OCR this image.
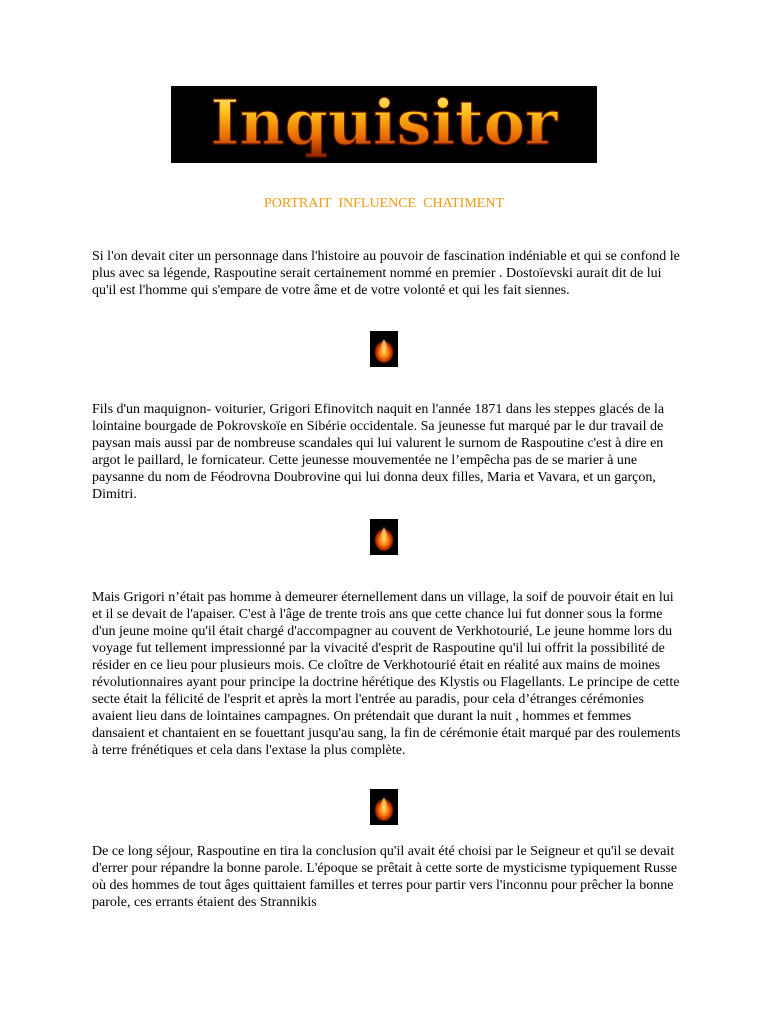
Inquisitor
PORTRAIT  INFLUENCE  CHATIMENT

Si l'on devait citer un personnage dans l'histoire au pouvoir de fascination indéniable et qui se confond le plus avec sa légende, Raspoutine serait certainement nommé en premier . Dostoïevski aurait dit de lui qu'il est l'homme qui s'empare de votre âme et de votre volonté et qui les fait siennes.

Fils d'un maquignon- voiturier, Grigori Efinovitch naquit en l'année 1871 dans les steppes glacés de la lointaine bourgade de Pokrovskoïe en Sibérie occidentale. Sa jeunesse fut marqué par le dur travail de paysan mais aussi par de nombreuse scandales qui lui valurent le surnom de Raspoutine c'est à dire en argot le paillard, le fornicateur. Cette jeunesse mouvementée ne l’empêcha pas de se marier à une paysanne du nom de Féodrovna Doubrovine qui lui donna deux filles, Maria et Vavara, et un garçon, Dimitri.

Mais Grigori n’était pas homme à demeurer éternellement dans un village, la soif de pouvoir était en lui et il se devait de l'apaiser. C'est à l'âge de trente trois ans que cette chance lui fut donner sous la forme d'un jeune moine qu'il était chargé d'accompagner au couvent de Verkhotourié, Le jeune homme lors du voyage fut tellement impressionné par la vivacité d'esprit de Raspoutine qu'il lui offrit la possibilité de résider en ce lieu pour plusieurs mois. Ce cloître de Verkhotourié était en réalité aux mains de moines révolutionnaires ayant pour principe la doctrine hérétique des Klystis ou Flagellants. Le principe de cette secte était la félicité de l'esprit et après la mort l'entrée au paradis, pour cela d’étranges cérémonies avaient lieu dans de lointaines campagnes. On prétendait que durant la nuit , hommes et femmes dansaient et chantaient en se fouettant jusqu'au sang, la fin de cérémonie était marqué par des roulements à terre frénétiques et cela dans l'extase la plus complète.

De ce long séjour, Raspoutine en tira la conclusion qu'il avait été choisi par le Seigneur et qu'il se devait d'errer pour répandre la bonne parole. L'époque se prêtait à cette sorte de mysticisme typiquement Russe où des hommes de tout âges quittaient familles et terres pour partir vers l'inconnu pour prêcher la bonne parole, ces errants étaient des Strannikis
